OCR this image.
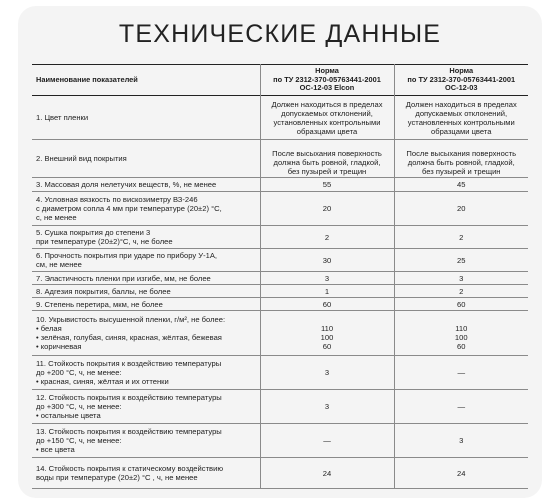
ТЕХНИЧЕСКИЕ ДАННЫЕ
Наименование показателей	Норма
по ТУ 2312-370-05763441-2001
ОС-12-03 Elcon	Норма
по ТУ 2312-370-05763441-2001
ОС-12-03

1. Цвет пленки	Должен находиться в пределах
допускаемых отклонений,
установленных контрольными
образцами цвета	Должен находиться в пределах
допускаемых отклонений,
установленных контрольными
образцами цвета

2. Внешний вид покрытия	После высыхания поверхность
должна быть ровной, гладкой,
без пузырей и трещин	После высыхания поверхность
должна быть ровной, гладкой,
без пузырей и трещин

3. Массовая доля нелетучих веществ, %, не менее	55	45

4. Условная вязкость по вискозиметру ВЗ-246
с диаметром сопла 4 мм при температуре (20±2) °С,
с, не менее	20	20

5. Сушка покрытия до степени 3
при температуре (20±2)°С, ч, не более	2	2

6. Прочность покрытия при ударе по прибору У-1А,
см, не менее	30	25

7. Эластичность пленки при изгибе, мм, не более	3	3

8. Адгезия покрытия, баллы, не более	1	2

9. Степень перетира, мкм, не более	60	60

10. Укрывистость высушенной пленки, г/м², не более:
• белая
• зелёная, голубая, синяя, красная, жёлтая, бежевая
• коричневая	110
100
60	110
100
60

11. Стойкость покрытия к воздействию температуры
до +200 °С, ч, не менее:
• красная, синяя, жёлтая и их оттенки	3	—

12. Стойкость покрытия к воздействию температуры
до +300 °С, ч, не менее:
• остальные цвета	3	—

13. Стойкость покрытия к воздействию температуры
до +150 °С, ч, не менее:
• все цвета	—	3

14. Стойкость покрытия к статическому воздействию
воды при температуре (20±2) °С , ч, не менее	24	24
